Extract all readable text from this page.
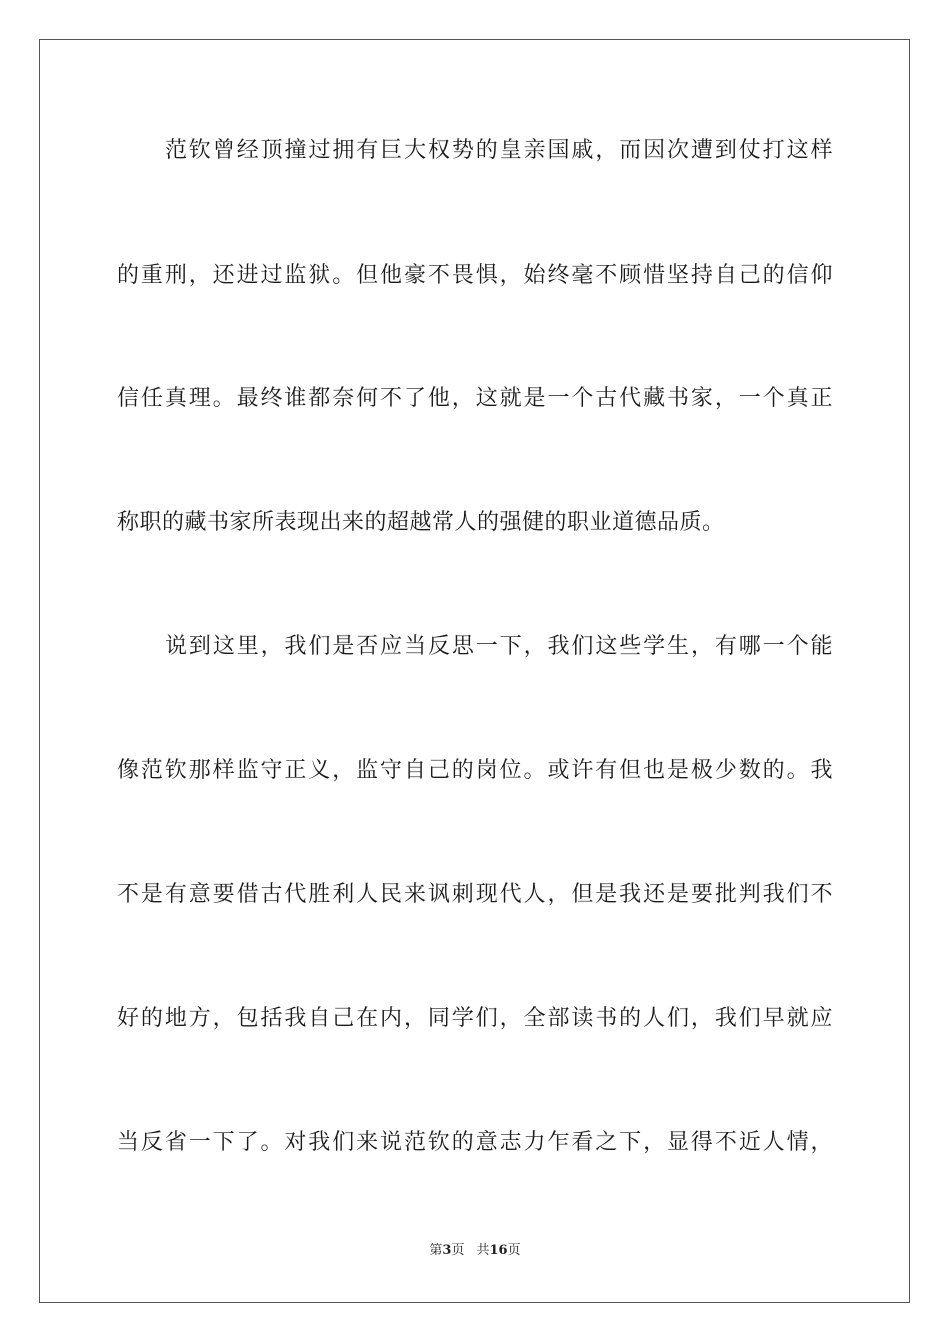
范钦曾经顶撞过拥有巨大权势的皇亲国戚，而因次遭到仗打这样
的重刑，还进过监狱。但他豪不畏惧，始终毫不顾惜坚持自己的信仰
信任真理。最终谁都奈何不了他，这就是一个古代藏书家，一个真正
称职的藏书家所表现出来的超越常人的强健的职业道德品质。
说到这里，我们是否应当反思一下，我们这些学生，有哪一个能
像范钦那样监守正义，监守自己的岗位。或许有但也是极少数的。我
不是有意要借古代胜利人民来讽刺现代人，但是我还是要批判我们不
好的地方，包括我自己在内，同学们，全部读书的人们，我们早就应
当反省一下了。对我们来说范钦的意志力乍看之下，显得不近人情，
第3页 共16页
